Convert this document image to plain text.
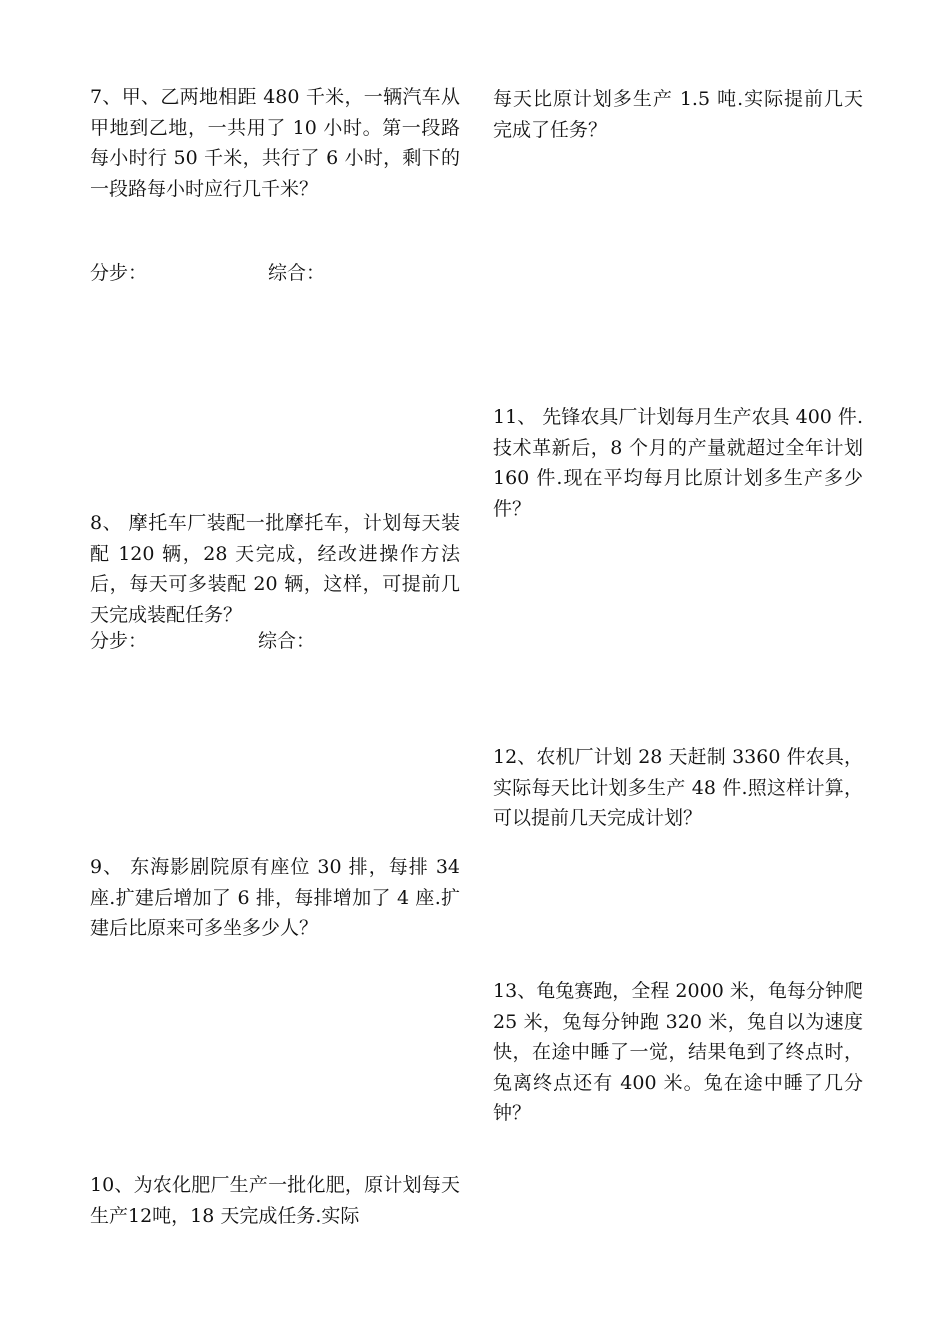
7、甲、乙两地相距 480 千米，一辆汽车从甲地到乙地，一共用了 10 小时。第一段路每小时行 50 千米，共行了 6 小时，剩下的一段路每小时应行几千米？
分步：	综合：
8、 摩托车厂装配一批摩托车，计划每天装配 120 辆，28 天完成，经改进操作方法后，每天可多装配 20 辆，这样，可提前几天完成装配任务？
分步：	综合：
9、 东海影剧院原有座位 30 排，每排 34 座.扩建后增加了 6 排，每排增加了 4 座.扩建后比原来可多坐多少人？
10、为农化肥厂生产一批化肥，原计划每天生产12吨，18 天完成任务.实际
每天比原计划多生产 1.5 吨.实际提前几天完成了任务？
11、 先锋农具厂计划每月生产农具 400 件.技术革新后，8 个月的产量就超过全年计划 160 件.现在平均每月比原计划多生产多少件？
12、农机厂计划 28 天赶制 3360 件农具，实际每天比计划多生产 48 件.照这样计算，可以提前几天完成计划？
13、龟兔赛跑，全程 2000 米，龟每分钟爬 25 米，兔每分钟跑 320 米，兔自以为速度快，在途中睡了一觉，结果龟到了终点时，兔离终点还有 400 米。兔在途中睡了几分钟？
